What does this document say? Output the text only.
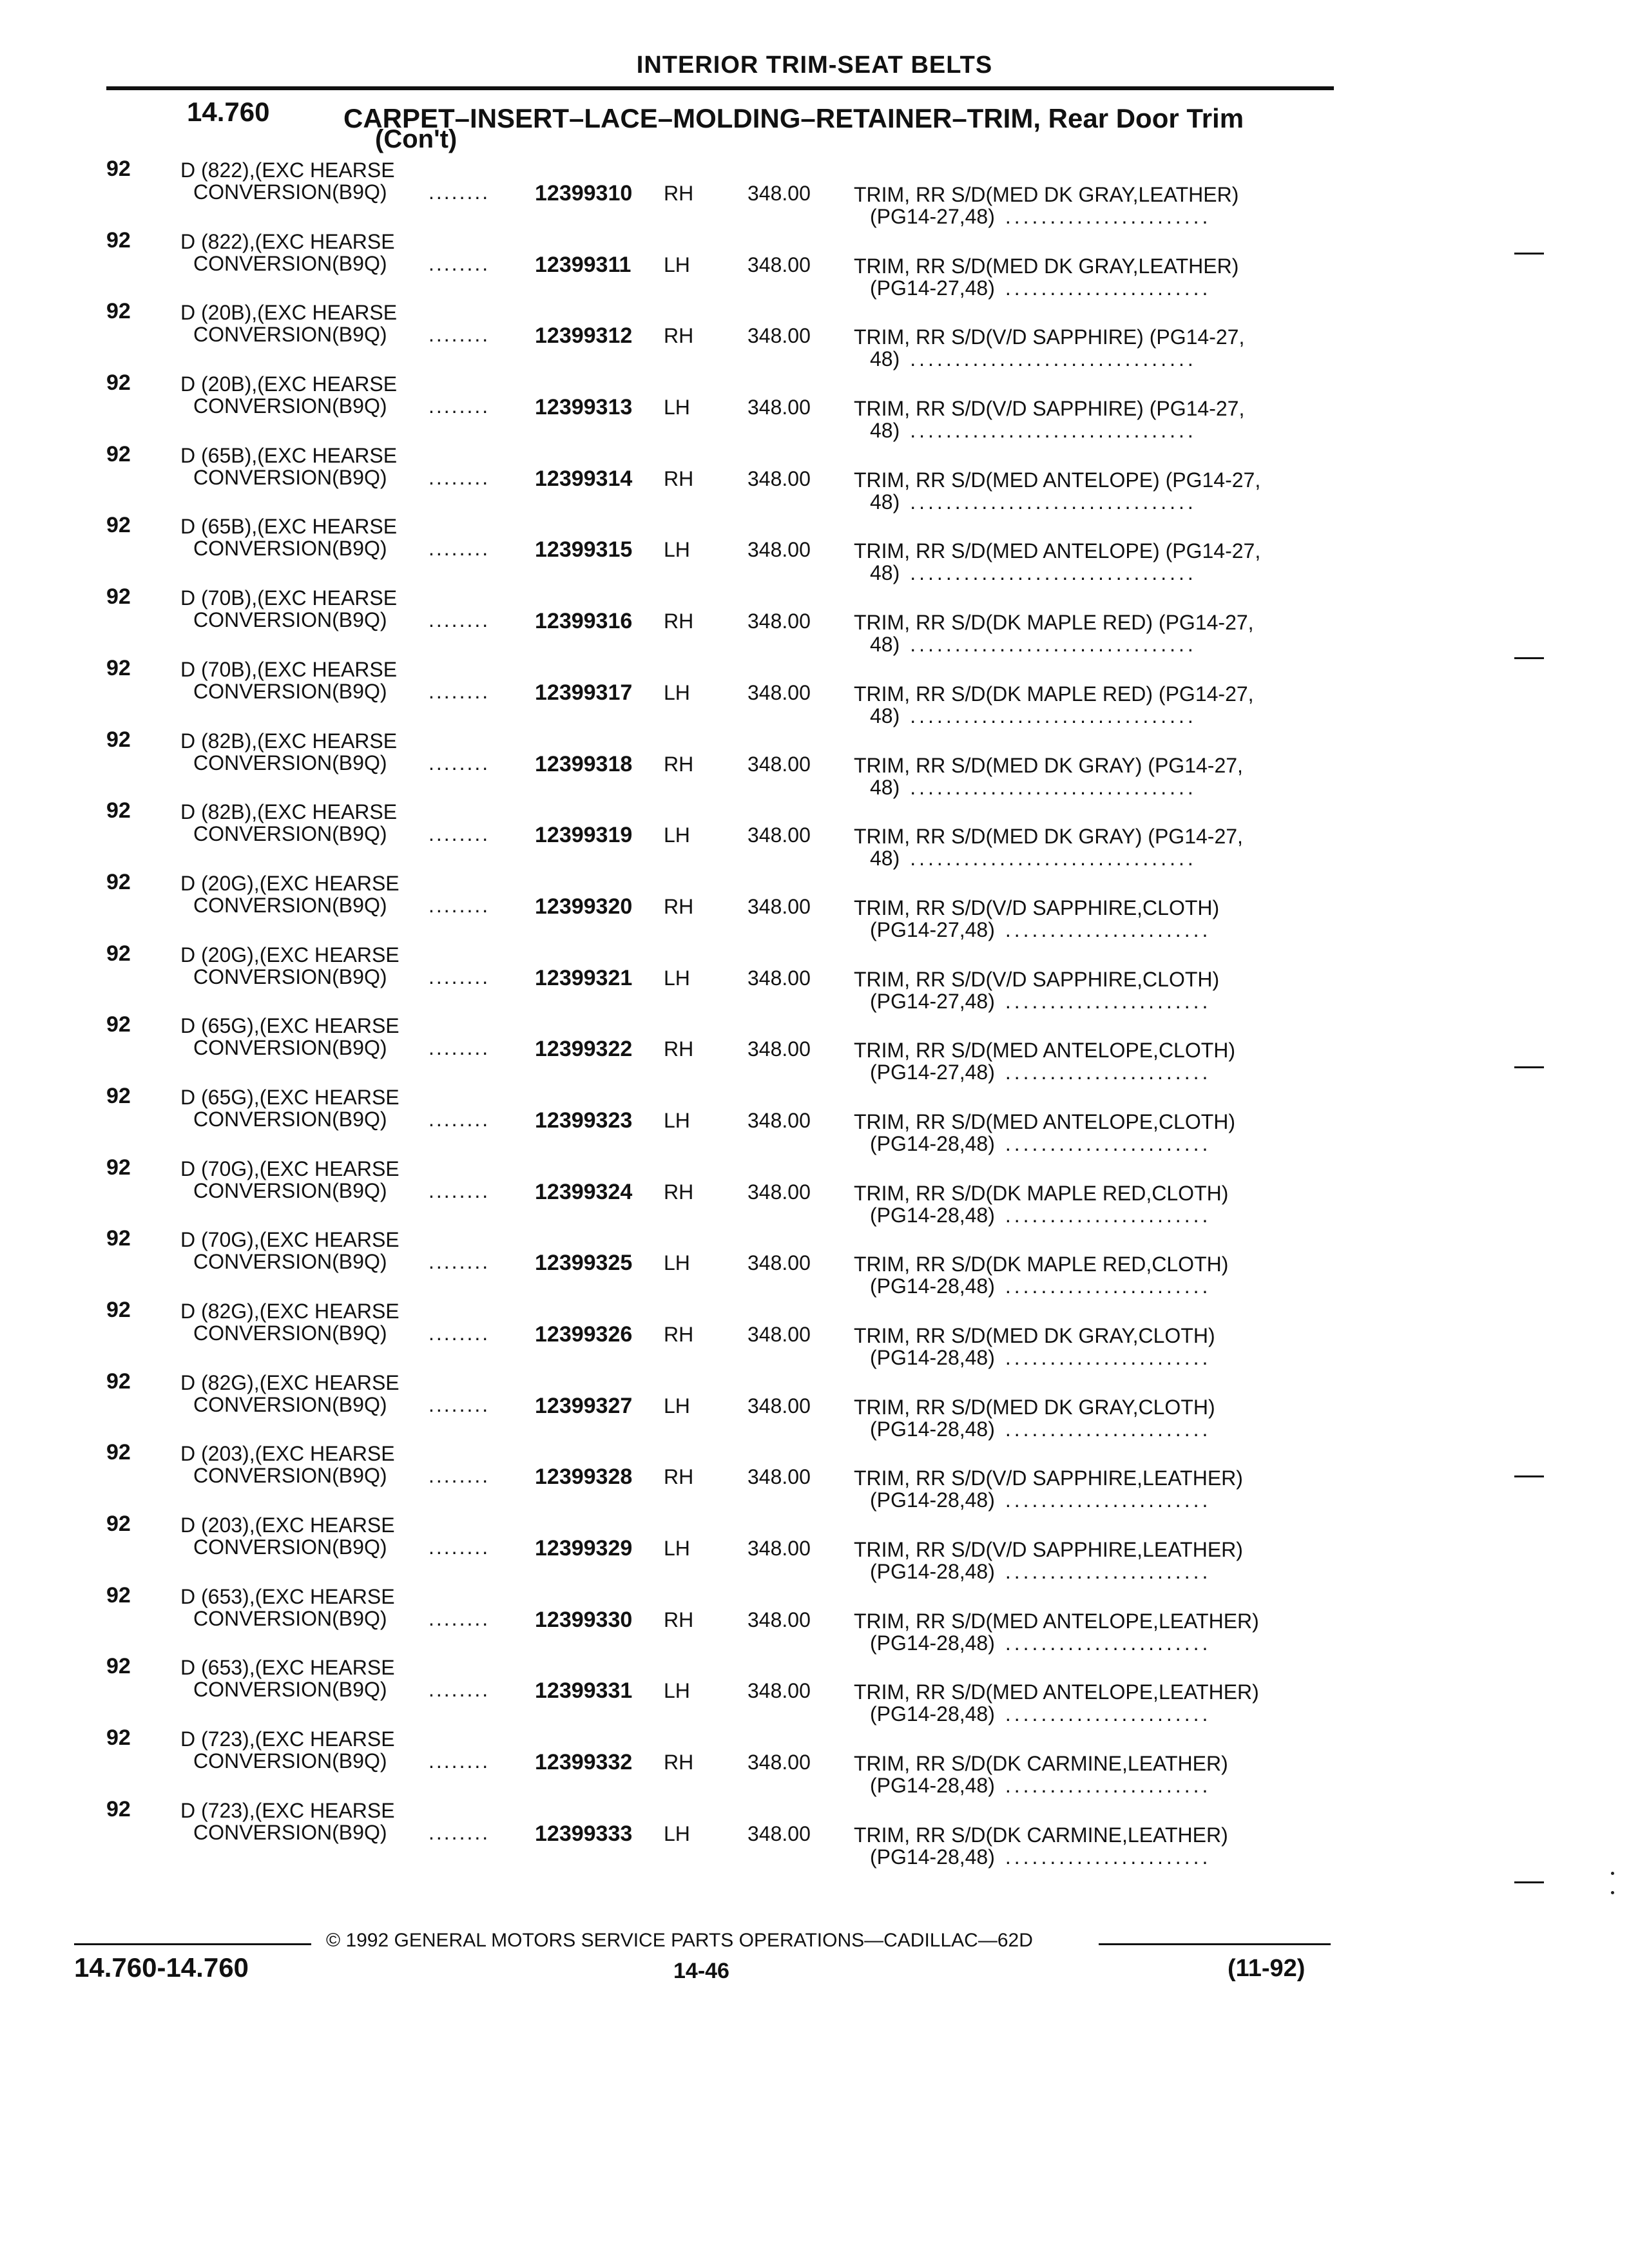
INTERIOR TRIM-SEAT BELTS
14.760	CARPET–INSERT–LACE–MOLDING–RETAINER–TRIM, Rear Door Trim
(Con't)
92 D (822),(EXC HEARSE
CONVERSION(B9Q) ........ 12399310 RH	348.00 TRIM, RR S/D(MED DK GRAY,LEATHER)
(PG14-27,48) .......................
92 D (822),(EXC HEARSE
CONVERSION(B9Q) ........ 12399311 LH	348.00 TRIM, RR S/D(MED DK GRAY,LEATHER)
(PG14-27,48) .......................
92 D (20B),(EXC HEARSE
CONVERSION(B9Q) ........ 12399312 RH	348.00 TRIM, RR S/D(V/D SAPPHIRE) (PG14-27,
48) ................................
92 D (20B),(EXC HEARSE
CONVERSION(B9Q) ........ 12399313 LH	348.00 TRIM, RR S/D(V/D SAPPHIRE) (PG14-27,
48) ................................
92 D (65B),(EXC HEARSE
CONVERSION(B9Q) ........ 12399314 RH	348.00 TRIM, RR S/D(MED ANTELOPE) (PG14-27,
48) ................................
92 D (65B),(EXC HEARSE
CONVERSION(B9Q) ........ 12399315 LH	348.00 TRIM, RR S/D(MED ANTELOPE) (PG14-27,
48) ................................
92 D (70B),(EXC HEARSE
CONVERSION(B9Q) ........ 12399316 RH	348.00 TRIM, RR S/D(DK MAPLE RED) (PG14-27,
48) ................................
92 D (70B),(EXC HEARSE
CONVERSION(B9Q) ........ 12399317 LH	348.00 TRIM, RR S/D(DK MAPLE RED) (PG14-27,
48) ................................
92 D (82B),(EXC HEARSE
CONVERSION(B9Q) ........ 12399318 RH	348.00 TRIM, RR S/D(MED DK GRAY) (PG14-27,
48) ................................
92 D (82B),(EXC HEARSE
CONVERSION(B9Q) ........ 12399319 LH	348.00 TRIM, RR S/D(MED DK GRAY) (PG14-27,
48) ................................
92 D (20G),(EXC HEARSE
CONVERSION(B9Q) ........ 12399320 RH	348.00 TRIM, RR S/D(V/D SAPPHIRE,CLOTH)
(PG14-27,48) .......................
92 D (20G),(EXC HEARSE
CONVERSION(B9Q) ........ 12399321 LH	348.00 TRIM, RR S/D(V/D SAPPHIRE,CLOTH)
(PG14-27,48) .......................
92 D (65G),(EXC HEARSE
CONVERSION(B9Q) ........ 12399322 RH	348.00 TRIM, RR S/D(MED ANTELOPE,CLOTH)
(PG14-27,48) .......................
92 D (65G),(EXC HEARSE
CONVERSION(B9Q) ........ 12399323 LH	348.00 TRIM, RR S/D(MED ANTELOPE,CLOTH)
(PG14-28,48) .......................
92 D (70G),(EXC HEARSE
CONVERSION(B9Q) ........ 12399324 RH	348.00 TRIM, RR S/D(DK MAPLE RED,CLOTH)
(PG14-28,48) .......................
92 D (70G),(EXC HEARSE
CONVERSION(B9Q) ........ 12399325 LH	348.00 TRIM, RR S/D(DK MAPLE RED,CLOTH)
(PG14-28,48) .......................
92 D (82G),(EXC HEARSE
CONVERSION(B9Q) ........ 12399326 RH	348.00 TRIM, RR S/D(MED DK GRAY,CLOTH)
(PG14-28,48) .......................
92 D (82G),(EXC HEARSE
CONVERSION(B9Q) ........ 12399327 LH	348.00 TRIM, RR S/D(MED DK GRAY,CLOTH)
(PG14-28,48) .......................
92 D (203),(EXC HEARSE
CONVERSION(B9Q) ........ 12399328 RH	348.00 TRIM, RR S/D(V/D SAPPHIRE,LEATHER)
(PG14-28,48) .......................
92 D (203),(EXC HEARSE
CONVERSION(B9Q) ........ 12399329 LH	348.00 TRIM, RR S/D(V/D SAPPHIRE,LEATHER)
(PG14-28,48) .......................
92 D (653),(EXC HEARSE
CONVERSION(B9Q) ........ 12399330 RH	348.00 TRIM, RR S/D(MED ANTELOPE,LEATHER)
(PG14-28,48) .......................
92 D (653),(EXC HEARSE
CONVERSION(B9Q) ........ 12399331 LH	348.00 TRIM, RR S/D(MED ANTELOPE,LEATHER)
(PG14-28,48) .......................
92 D (723),(EXC HEARSE
CONVERSION(B9Q) ........ 12399332 RH	348.00 TRIM, RR S/D(DK CARMINE,LEATHER)
(PG14-28,48) .......................
92 D (723),(EXC HEARSE
CONVERSION(B9Q) ........ 12399333 LH	348.00 TRIM, RR S/D(DK CARMINE,LEATHER)
(PG14-28,48) .......................
© 1992 GENERAL MOTORS SERVICE PARTS OPERATIONS—CADILLAC—62D
14.760-14.760	14-46	(11-92)
